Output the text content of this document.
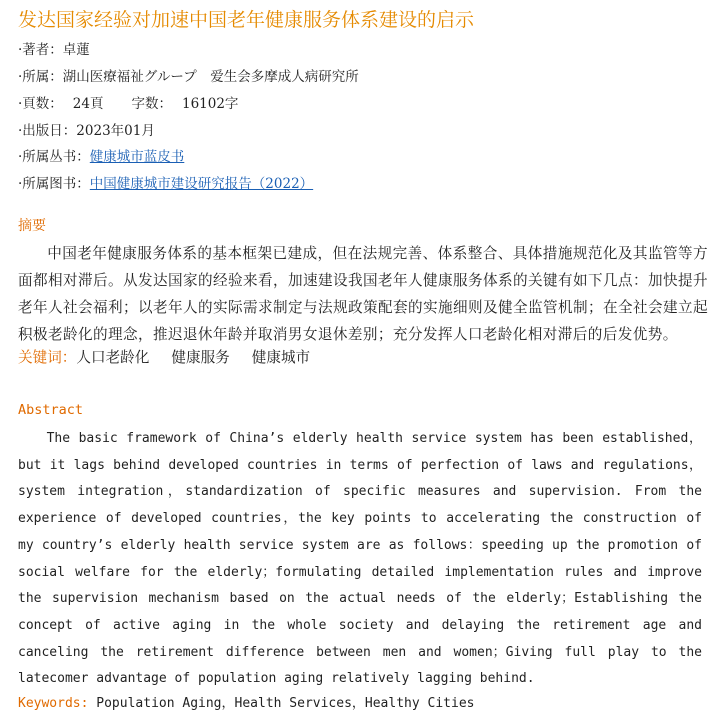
发达国家经验对加速中国老年健康服务体系建设的启示
·著者：卓蓮
·所属：湖山医療福祉グループ　爱生会多摩成人病研究所
·頁数： 24頁 字数： 16102字
·出版日：2023年01月
·所属丛书：健康城市蓝皮书
·所属图书：中国健康城市建设研究报告（2022）
摘要
中国老年健康服务体系的基本框架已建成，但在法规完善、体系整合、具体措施规范化及其监管等方面都相对滞后。从发达国家的经验来看，加速建设我国老年人健康服务体系的关键有如下几点：加快提升老年人社会福利；以老年人的实际需求制定与法规政策配套的实施细则及健全监管机制；在全社会建立起积极老龄化的理念，推迟退休年龄并取消男女退休差别；充分发挥人口老龄化相对滞后的后发优势。
关键词：人口老龄化 健康服务 健康城市
Abstract
The basic framework of China’s elderly health service system has been established，but it lags behind developed countries in terms of perfection of laws and regulations，system integration，standardization of specific measures and supervision. From the experience of developed countries，the key points to accelerating the construction of my country’s elderly health service system are as follows：speeding up the promotion of social welfare for the elderly；formulating detailed implementation rules and improve the supervision mechanism based on the actual needs of the elderly；Establishing the concept of active aging in the whole society and delaying the retirement age and canceling the retirement difference between men and women；Giving full play to the latecomer advantage of population aging relatively lagging behind.
Keywords: Population Aging，Health Services，Healthy Cities
